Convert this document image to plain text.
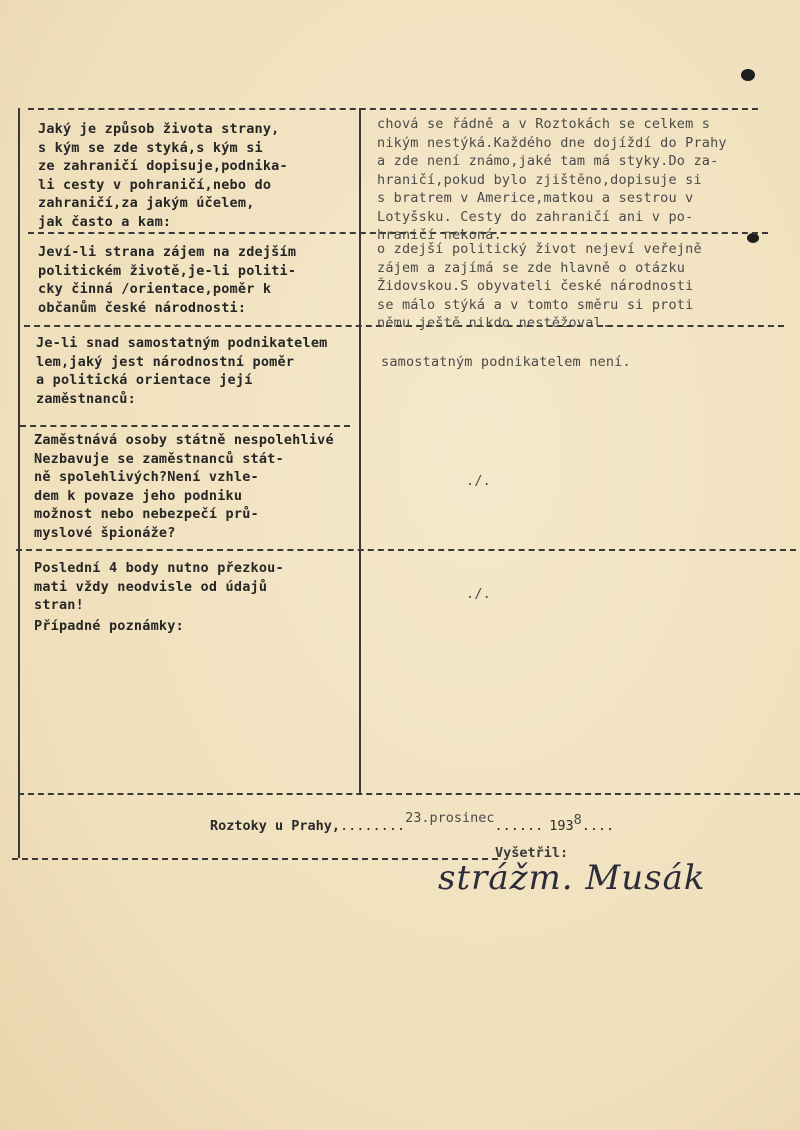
Jaký je způsob života strany,
s kým se zde styká,s kým si
ze zahraničí dopisuje,podnika-
li cesty v pohraničí,nebo do
zahraničí,za jakým účelem,
jak často a kam:
chová se řádně a v Roztokách se celkem s
nikým nestýká.Každého dne dojíždí do Prahy
a zde není známo,jaké tam má styky.Do za-
hraničí,pokud bylo zjištěno,dopisuje si
s bratrem v Americe,matkou a sestrou v
Lotyšsku. Cesty do zahraničí ani v po-
hraničí nekoná.
Jeví-li strana zájem na zdejším
politickém životě,je-li politi-
cky činná /orientace,poměr k
občanům české národnosti:
o zdejší politický život nejeví veřejně
zájem a zajímá se zde hlavně o otázku
Židovskou.S obyvateli české národnosti
se málo stýká a v tomto směru si proti
němu ještě nikdo nestěžoval.
Je-li snad samostatným podnikatelem
lem,jaký jest národnostní poměr
a politická orientace její
zaměstnanců:
samostatným podnikatelem není.
Zaměstnává osoby státně nespolehlivé
Nezbavuje se zaměstnanců stát-
ně spolehlivých?Není vzhle-
dem k povaze jeho podniku
možnost nebo nebezpečí prů-
myslové špionáže?
./.
Poslední 4 body nutno přezkou-
mati vždy neodvisle od údajů
stran!
./.
Případné poznámky:
Roztoky u Prahy,........23.prosinec...... 1938....
Vyšetřil:
strážm. Musák
